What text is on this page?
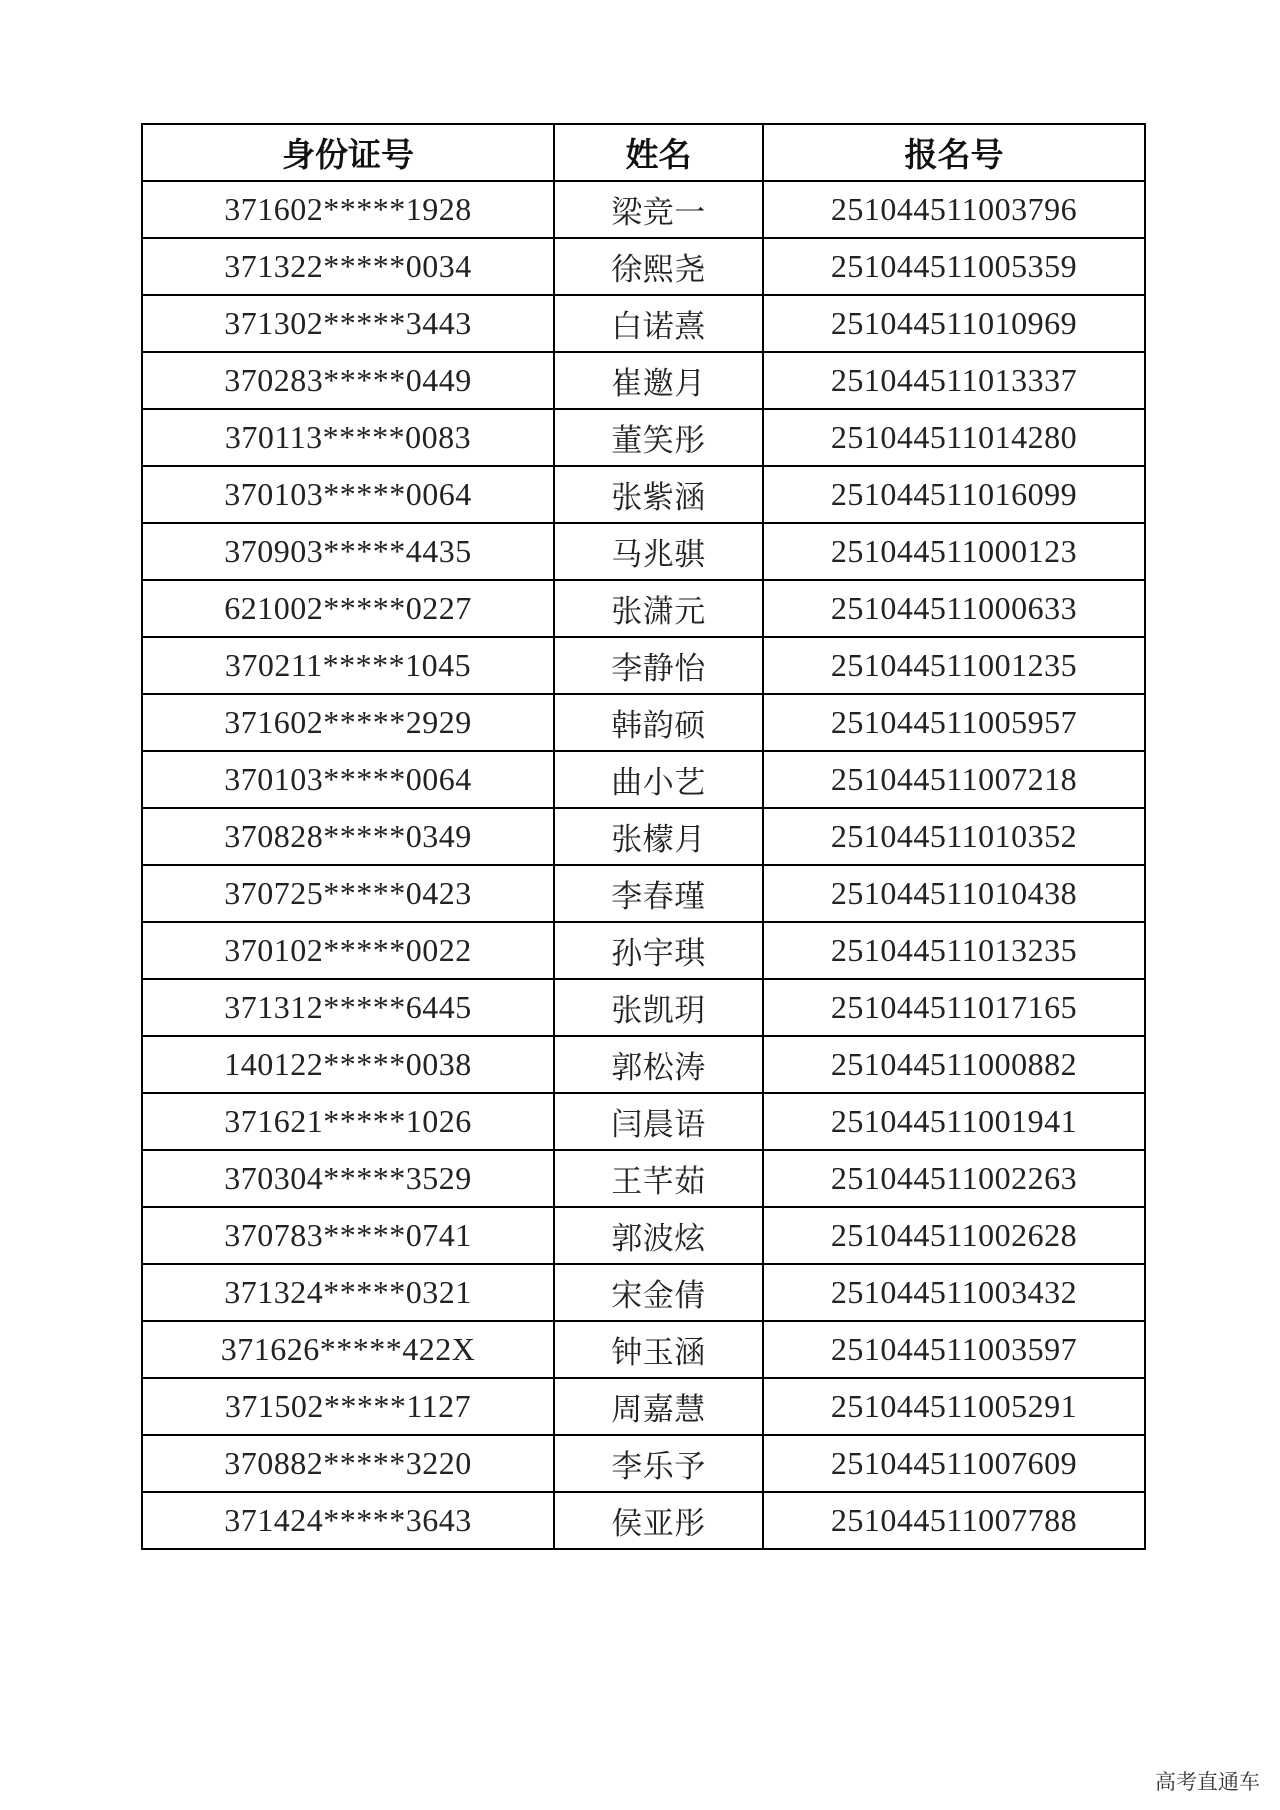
身份证号	姓名	报名号
371602*****1928	梁竞一	251044511003796
371322*****0034	徐熙尧	251044511005359
371302*****3443	白诺熹	251044511010969
370283*****0449	崔邀月	251044511013337
370113*****0083	董笑彤	251044511014280
370103*****0064	张紫涵	251044511016099
370903*****4435	马兆骐	251044511000123
621002*****0227	张潇元	251044511000633
370211*****1045	李静怡	251044511001235
371602*****2929	韩韵硕	251044511005957
370103*****0064	曲小艺	251044511007218
370828*****0349	张檬月	251044511010352
370725*****0423	李春瑾	251044511010438
370102*****0022	孙宇琪	251044511013235
371312*****6445	张凯玥	251044511017165
140122*****0038	郭松涛	251044511000882
371621*****1026	闫晨语	251044511001941
370304*****3529	王芊茹	251044511002263
370783*****0741	郭波炫	251044511002628
371324*****0321	宋金倩	251044511003432
371626*****422X	钟玉涵	251044511003597
371502*****1127	周嘉慧	251044511005291
370882*****3220	李乐予	251044511007609
371424*****3643	侯亚彤	251044511007788
高考直通车
